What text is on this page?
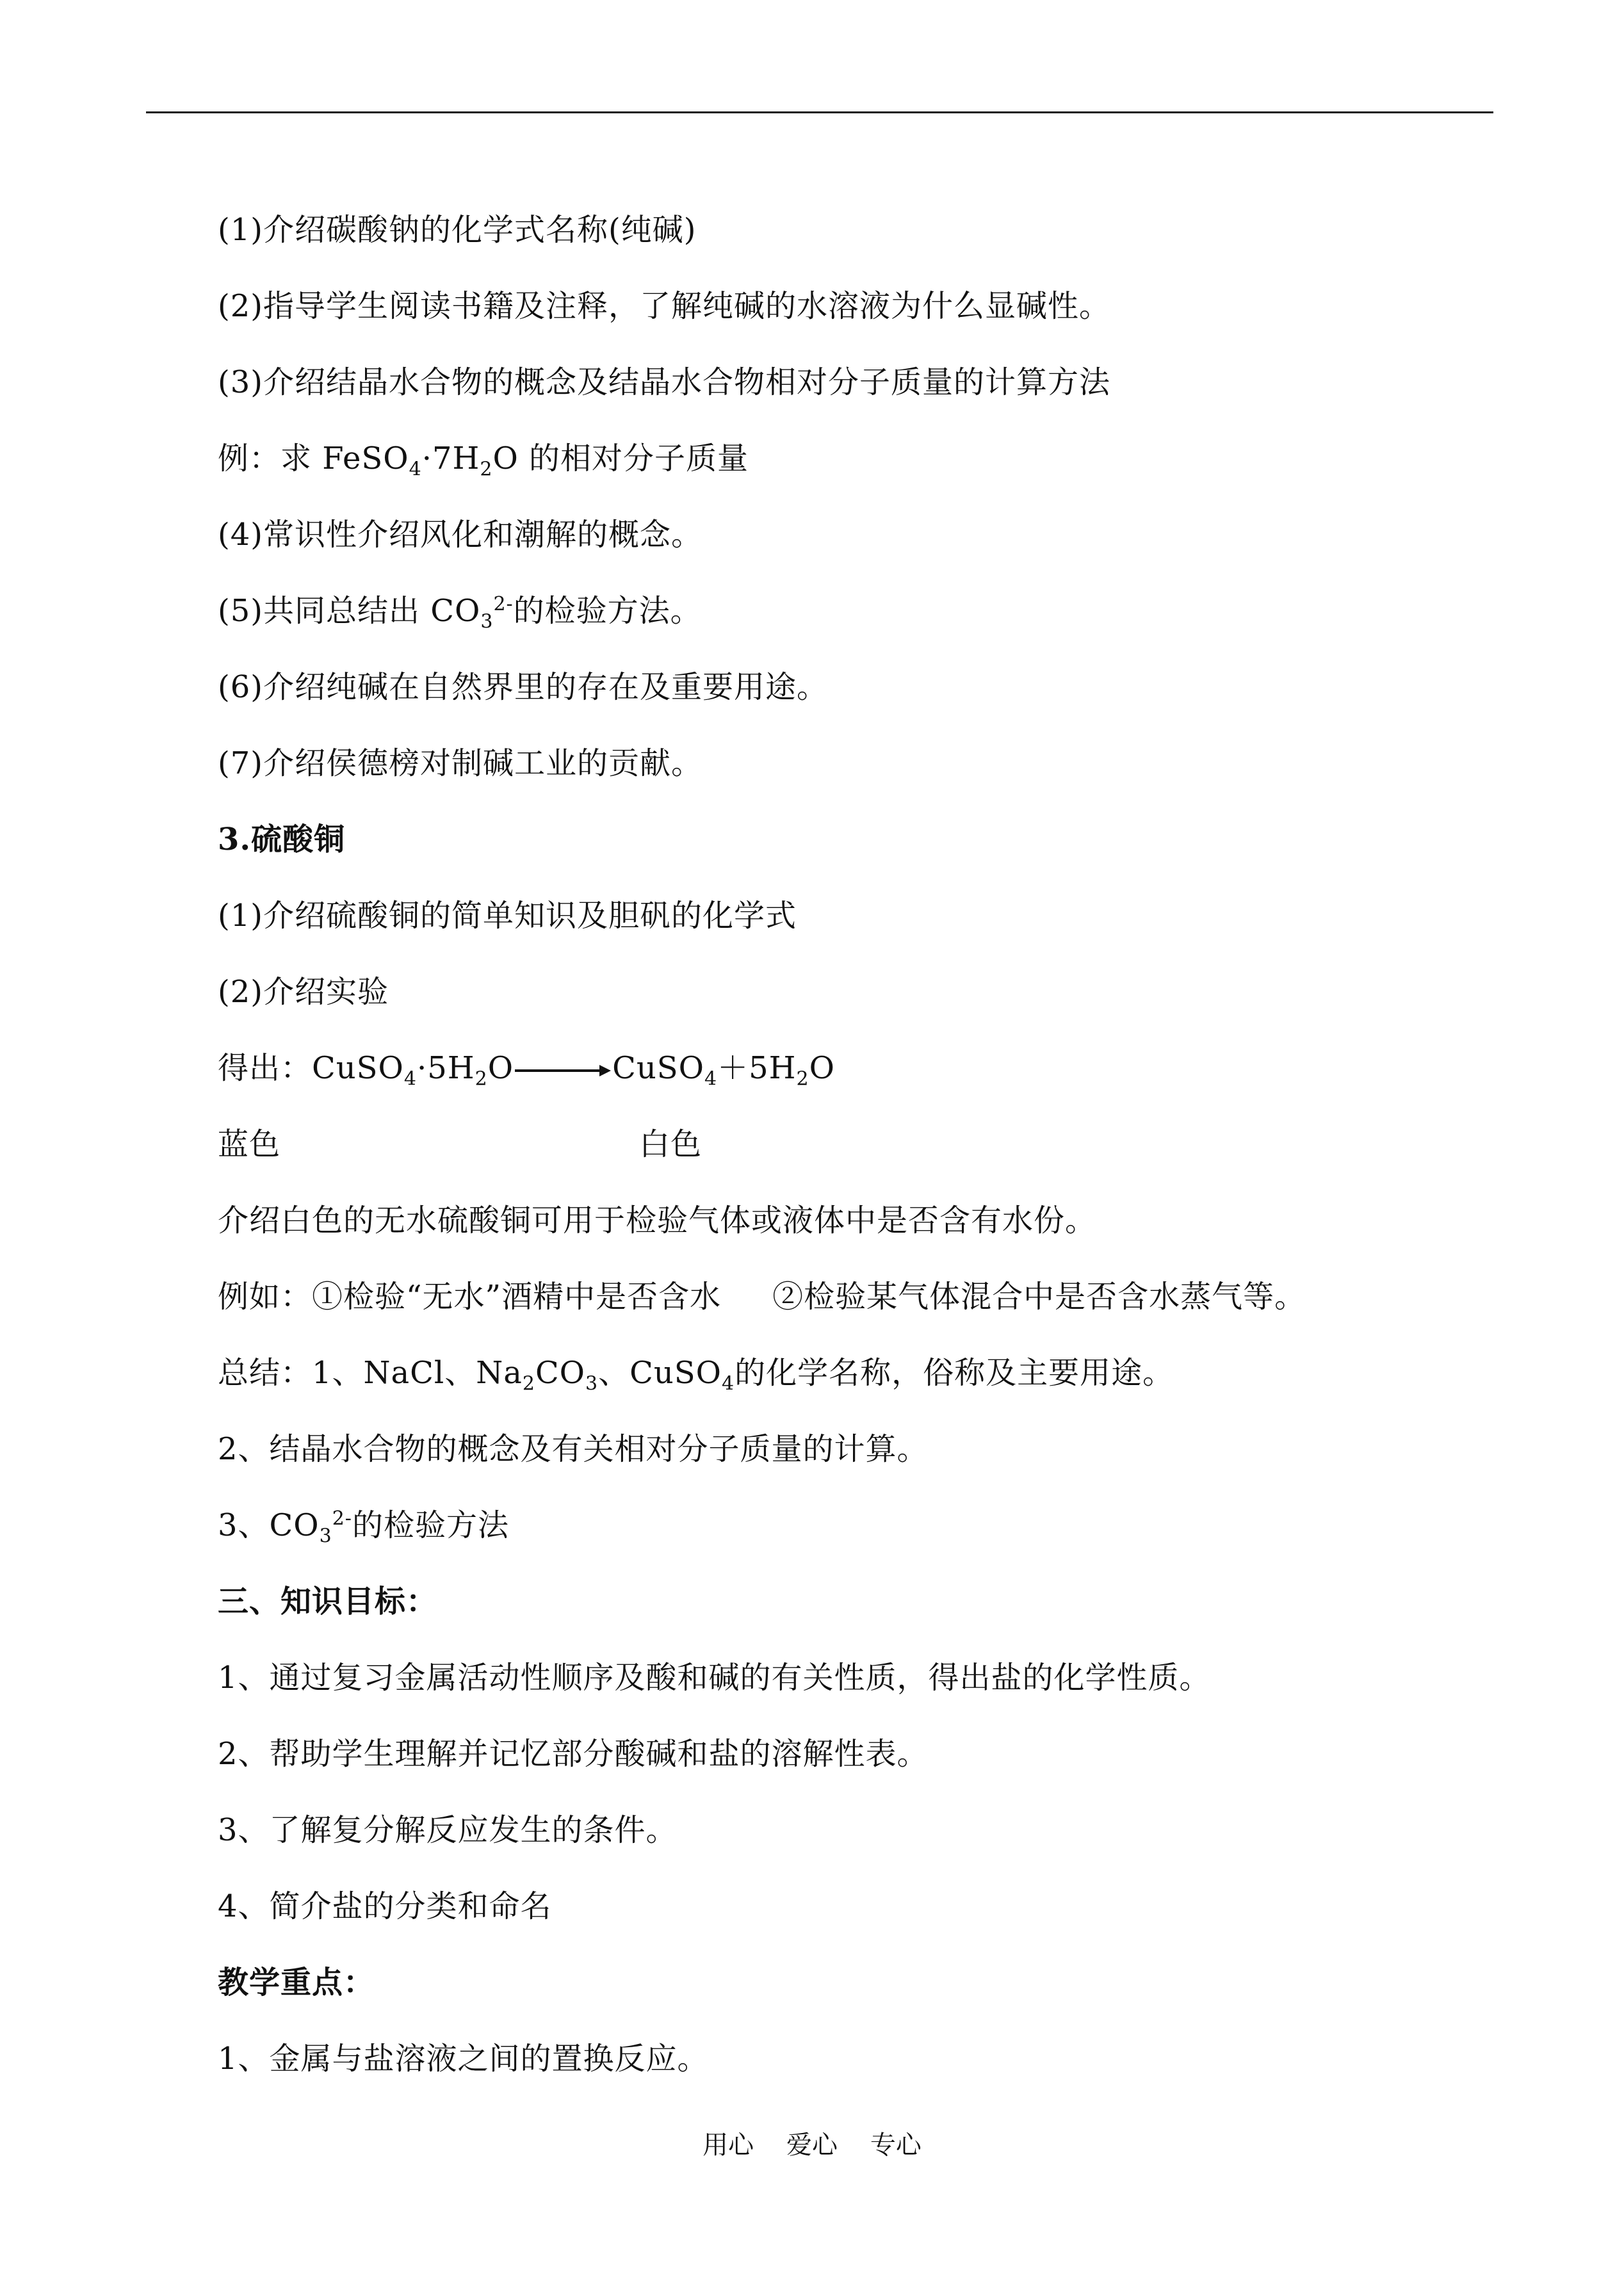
(1)介绍碳酸钠的化学式名称(纯碱)
(2)指导学生阅读书籍及注释，了解纯碱的水溶液为什么显碱性。
(3)介绍结晶水合物的概念及结晶水合物相对分子质量的计算方法
例：求 $FeSO_4\cdot 7H_2O$ 的相对分子质量
(4)常识性介绍风化和潮解的概念。
(5)共同总结出 $CO_3^{2-}$的检验方法。
(6)介绍纯碱在自然界里的存在及重要用途。
(7)介绍侯德榜对制碱工业的贡献。
3.硫酸铜
(1)介绍硫酸铜的简单知识及胆矾的化学式
(2)介绍实验
得出：$CuSO_4\cdot 5H_2O$	$CuSO_4+5H_2O$
蓝色	白色
介绍白色的无水硫酸铜可用于检验气体或液体中是否含有水份。
例如：①检验“无水”酒精中是否含水 ②检验某气体混合中是否含水蒸气等。
总结：1、NaCl、$Na_2CO_3$、CuSO$_4$的化学名称，俗称及主要用途。
2、结晶水合物的概念及有关相对分子质量的计算。
3、$CO_3^{2-}$的检验方法
三、知识目标：
1、通过复习金属活动性顺序及酸和碱的有关性质，得出盐的化学性质。
2、帮助学生理解并记忆部分酸碱和盐的溶解性表。
3、了解复分解反应发生的条件。
4、简介盐的分类和命名
教学重点：
1、金属与盐溶液之间的置换反应。
用心    爱心    专心
